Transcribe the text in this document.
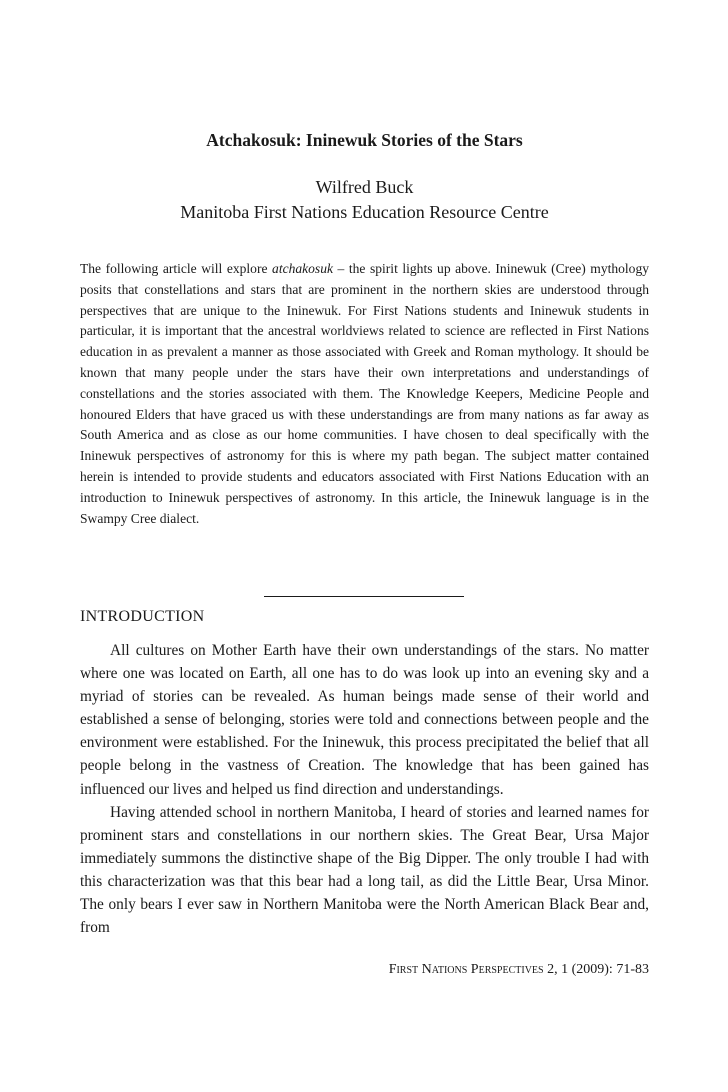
Atchakosuk: Ininewuk Stories of the Stars
Wilfred Buck
Manitoba First Nations Education Resource Centre

The following article will explore atchakosuk – the spirit lights up above. Ininewuk (Cree) mythology posits that constellations and stars that are prominent in the northern skies are understood through perspectives that are unique to the Ininewuk. For First Nations students and Ininewuk students in particular, it is important that the ancestral worldviews related to science are reflected in First Nations education in as prevalent a manner as those associated with Greek and Roman mythology. It should be known that many people under the stars have their own interpretations and understandings of constellations and the stories associated with them. The Knowledge Keepers, Medicine People and honoured Elders that have graced us with these understandings are from many nations as far away as South America and as close as our home communities. I have chosen to deal specifically with the Ininewuk perspectives of astronomy for this is where my path began. The subject matter contained herein is intended to provide students and educators associated with First Nations Education with an introduction to Ininewuk perspectives of astronomy. In this article, the Ininewuk language is in the Swampy Cree dialect.

INTRODUCTION

All cultures on Mother Earth have their own understandings of the stars. No matter where one was located on Earth, all one has to do was look up into an evening sky and a myriad of stories can be revealed. As human beings made sense of their world and established a sense of belonging, stories were told and connections between people and the environment were established. For the Ininewuk, this process precipitated the belief that all people belong in the vastness of Creation. The knowledge that has been gained has influenced our lives and helped us find direction and understandings.

Having attended school in northern Manitoba, I heard of stories and learned names for prominent stars and constellations in our northern skies. The Great Bear, Ursa Major immediately summons the distinctive shape of the Big Dipper. The only trouble I had with this characterization was that this bear had a long tail, as did the Little Bear, Ursa Minor. The only bears I ever saw in Northern Manitoba were the North American Black Bear and, from

First Nations Perspectives 2, 1 (2009): 71-83
